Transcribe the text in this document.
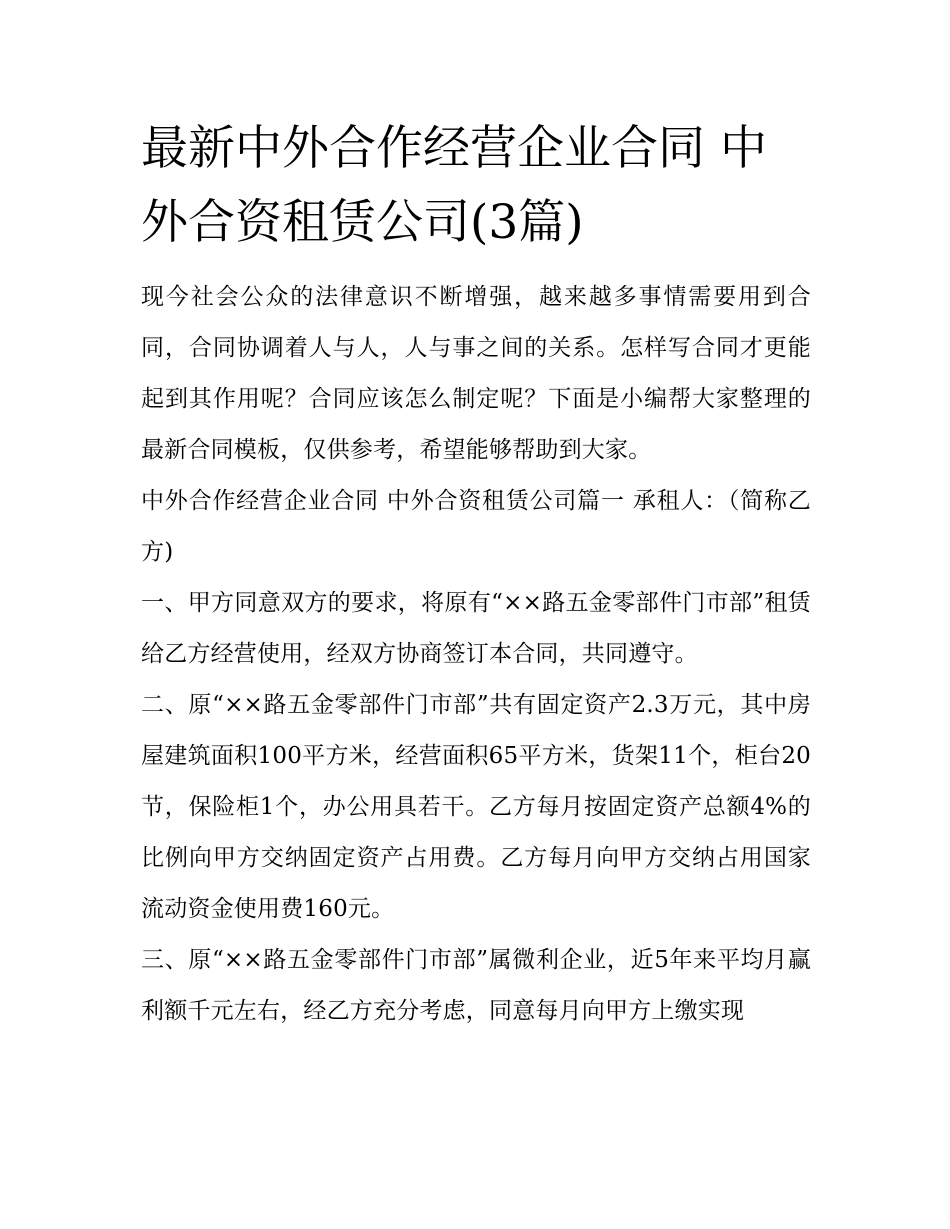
最新中外合作经营企业合同 中外合资租赁公司(3篇)

现今社会公众的法律意识不断增强，越来越多事情需要用到合同，合同协调着人与人，人与事之间的关系。怎样写合同才更能起到其作用呢？合同应该怎么制定呢？下面是小编帮大家整理的最新合同模板，仅供参考，希望能够帮助到大家。

中外合作经营企业合同 中外合资租赁公司篇一 承租人：（简称乙方)

一、甲方同意双方的要求，将原有“××路五金零部件门市部”租赁给乙方经营使用，经双方协商签订本合同，共同遵守。

二、原“××路五金零部件门市部”共有固定资产2.3万元，其中房屋建筑面积100平方米，经营面积65平方米，货架11个，柜台20节，保险柜1个，办公用具若干。乙方每月按固定资产总额4%的比例向甲方交纳固定资产占用费。乙方每月向甲方交纳占用国家流动资金使用费160元。

三、原“××路五金零部件门市部”属微利企业，近5年来平均月赢利额千元左右，经乙方充分考虑，同意每月向甲方上缴实现
